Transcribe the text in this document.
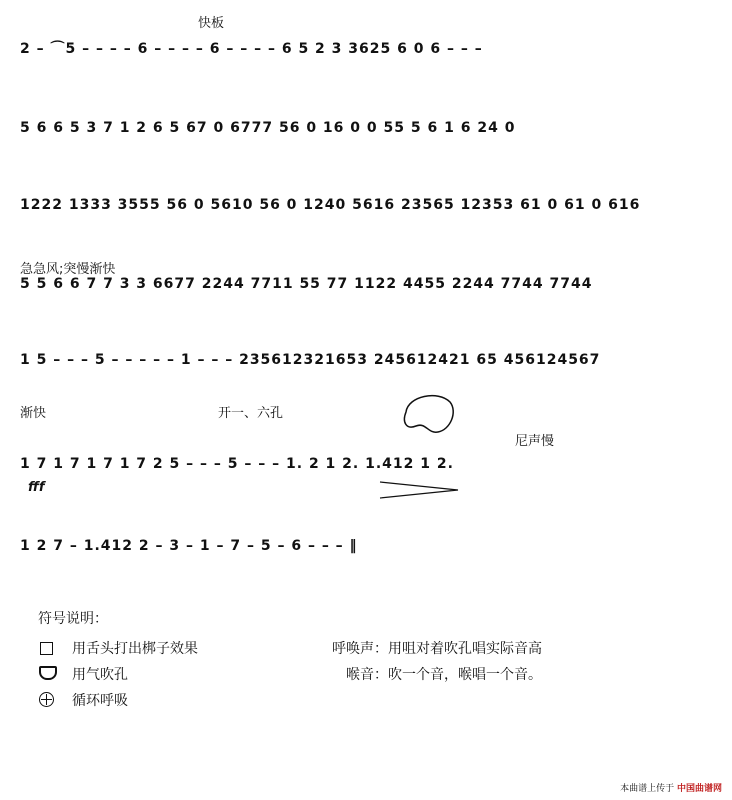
快板
2 – ⌒5 – – – – 6 – – – – 6 – – – – 6 5 2 3 3625 6 0 6 – – –
5 6 6 5 3 7 1 2 6 5 67 0 6777 56 0 16 0 0 55 5 6 1 6 24 0
1222 1333 3555 56 0 5610 56 0 1240 5616 23565 12353 61 0 61 0 616
急急风;突慢渐快
5 5 6 6 7 7 3 3 6677 2244 7711 55 77 1122 4455 2244 7744 7744
1 5 – – – 5 – – – – – 1 – – – 235612321653 245612421 65 456124567
渐快	开一、六孔
尼声慢
1 7 1 7 1 7 1 7 2 5 – – – 5 – – – 1. 2 1 2. 1.412 1 2.
fff
1 2 7 – 1.412 2 – 3 – 1 – 7 – 5 – 6 – – – ‖
符号说明：
用舌头打出梆子效果
用气吹孔
循环呼吸
呼唤声：用咀对着吹孔唱实际音高
喉音：吹一个音，喉唱一个音。
本曲谱上传于 中国曲谱网
